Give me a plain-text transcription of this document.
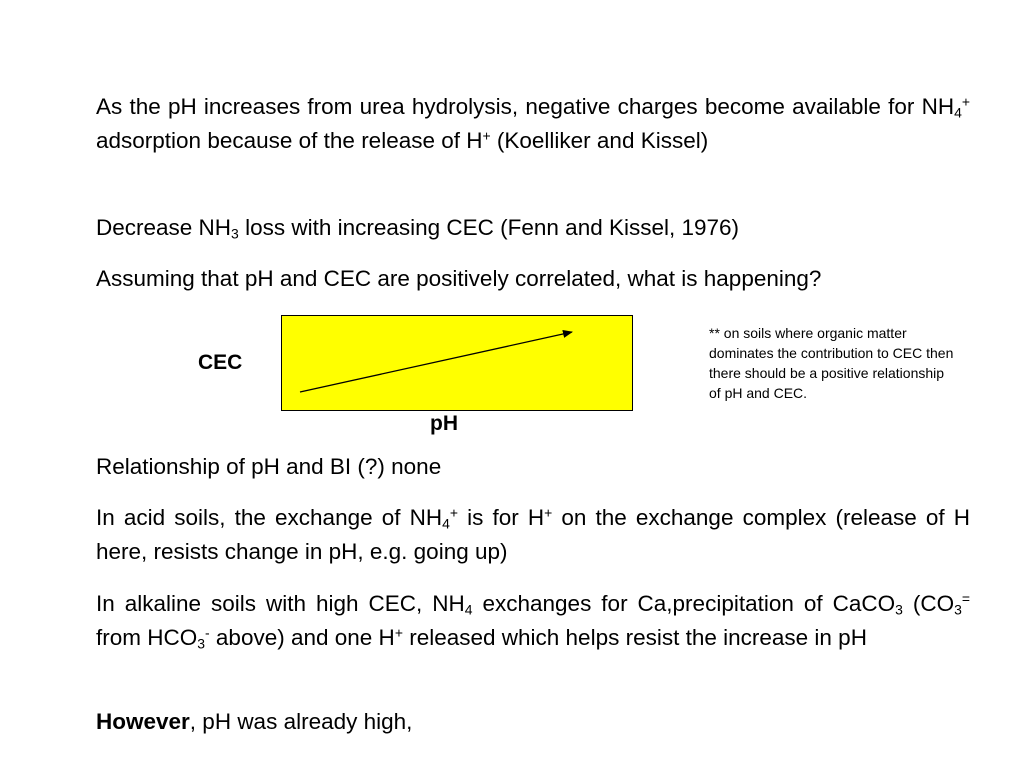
As the pH increases from urea hydrolysis, negative charges become available for $NH_4^+$ adsorption because of the release of H+ (Koelliker and Kissel)

Decrease $NH_3$ loss with increasing CEC (Fenn and Kissel, 1976)

Assuming that pH and CEC are positively correlated, what is happening?

CEC
pH

** on soils where organic matter dominates the contribution to CEC then there should be a positive relationship of pH and CEC.

Relationship of pH and BI (?) none

In acid soils, the exchange of $NH_4^+$ is for H+ on the exchange complex (release of H here, resists change in pH, e.g. going up)

In alkaline soils with high CEC, $NH_4$ exchanges for Ca,precipitation of CaCO$_3$ ($CO_3^=$ from $HCO_3^-$ above) and one H+ released which helps resist the increase in pH

However, pH was already high,
